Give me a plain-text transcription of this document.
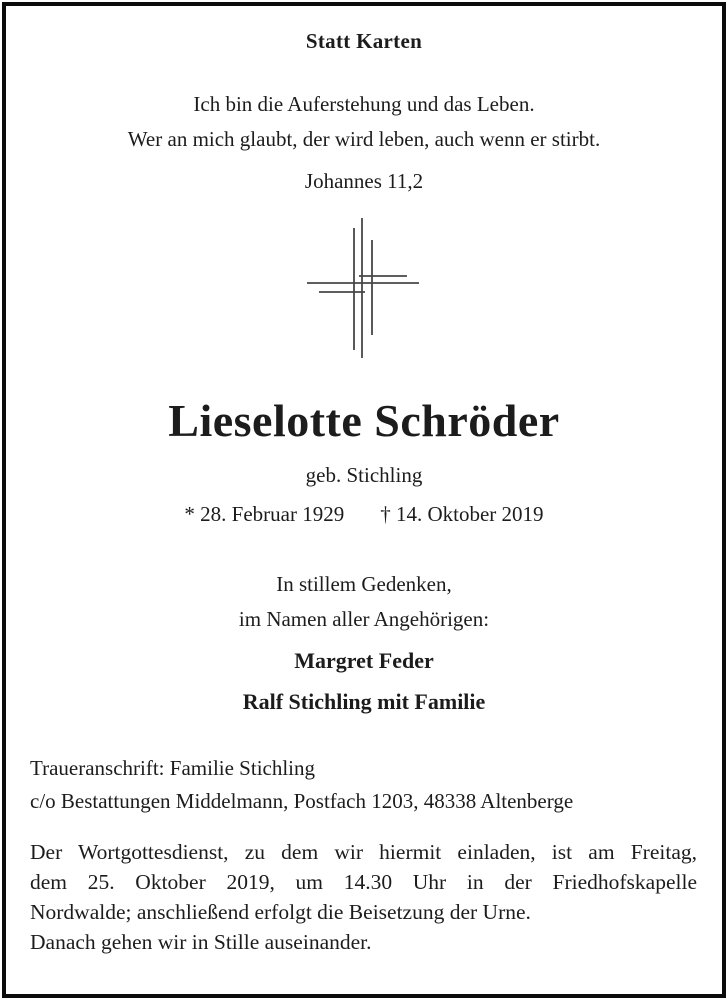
Statt Karten
Ich bin die Auferstehung und das Leben.
Wer an mich glaubt, der wird leben, auch wenn er stirbt.
Johannes 11,2
Lieselotte Schröder
geb. Stichling
* 28. Februar 1929 † 14. Oktober 2019
In stillem Gedenken,
im Namen aller Angehörigen:
Margret Feder
Ralf Stichling mit Familie
Traueranschrift: Familie Stichling
c/o Bestattungen Middelmann, Postfach 1203, 48338 Altenberge
Der Wortgottesdienst, zu dem wir hiermit einladen, ist am Freitag,
dem 25. Oktober 2019, um 14.30 Uhr in der Friedhofskapelle
Nordwalde; anschließend erfolgt die Beisetzung der Urne.
Danach gehen wir in Stille auseinander.
